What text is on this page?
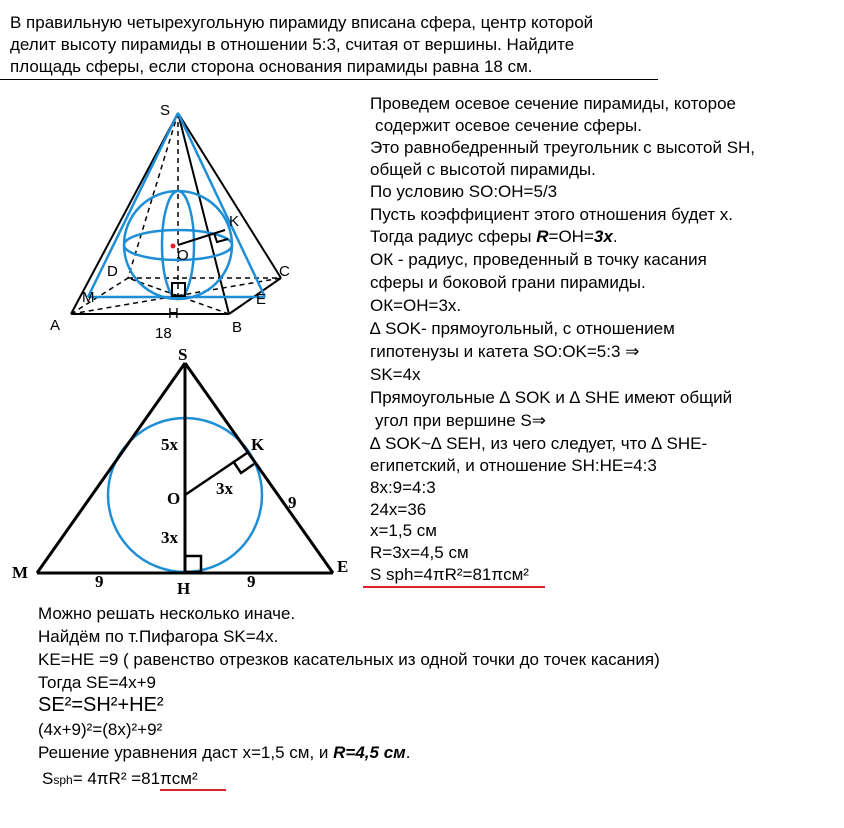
В правильную четырехугольную пирамиду вписана сфера, центр которой
делит высоту пирамиды в отношении 5:3, считая от вершины. Найдите
площадь сферы, если сторона основания пирамиды равна 18 см.
S
K
O
D	C
M	E
H
A	B
18
S
K
O
M	E
H
5x
3x
3x
9
9	9
Проведем осевое сечение пирамиды, которое
содержит осевое сечение сферы.
Это равнобедренный треугольник с высотой SH,
общей с высотой пирамиды.
По условию SO:OH=5/3
Пусть коэффициент этого отношения будет х.
Тогда радиус сферы R=OH=3x.
ОК - радиус, проведенный в точку касания
сферы и боковой грани пирамиды.
ОК=OH=3х.
∆ SOK- прямоугольный, с отношением
гипотенузы и катета SO:OK=5:3 ⇒
SK=4х
Прямоугольные ∆ SOK и ∆ SHE имеют общий
угол при вершине S⇒
∆ SOK~∆ SEH, из чего следует, что ∆ SHE-
египетский, и отношение SH:HE=4:3
8х:9=4:3
24х=36
х=1,5 см
R=3х=4,5 см
S sph=4πR²=81πсм²
Можно решать несколько иначе.
Найдём по т.Пифагора SK=4х.
KE=HE =9 ( равенство отрезков касательных из одной точки до точек касания)
Тогда SE=4x+9
SE²=SH²+HE²
(4x+9)²=(8x)²+9²
Решение уравнения даст х=1,5 см, и R=4,5 см.
Ssph= 4πR² =81πсм²
